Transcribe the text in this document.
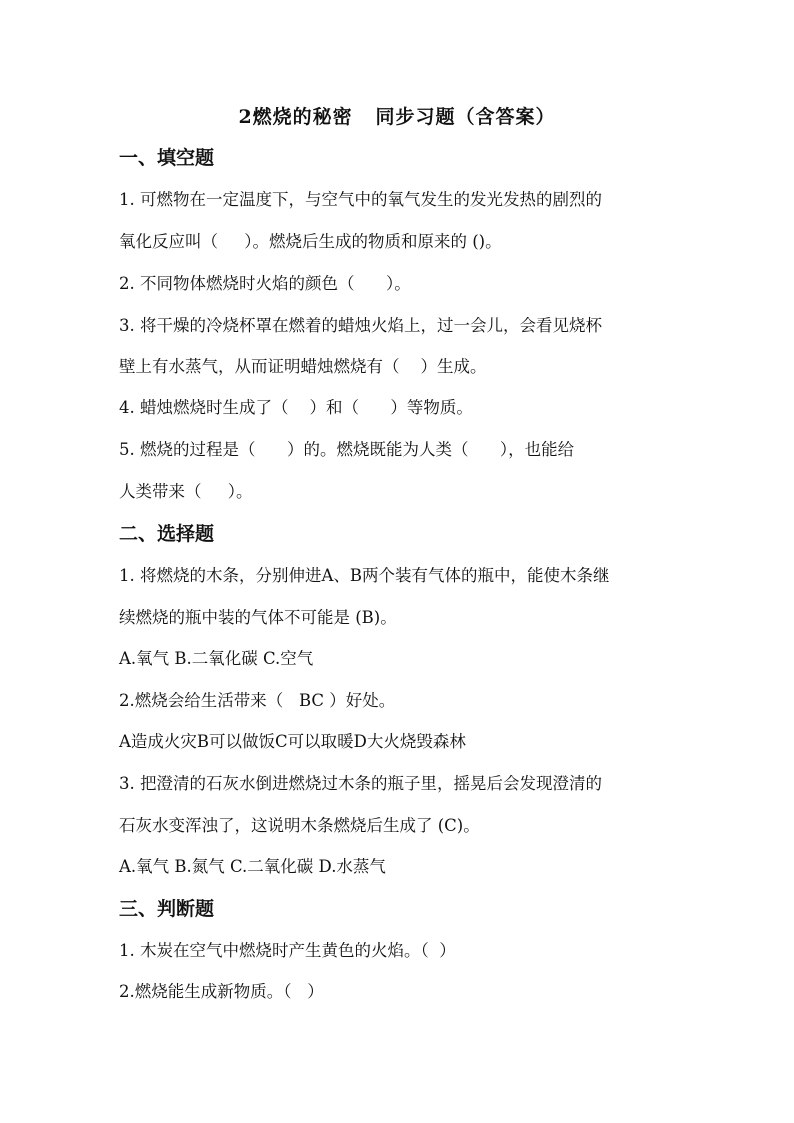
2燃烧的秘密   同步习题（含答案）
一、填空题
1. 可燃物在一定温度下，与空气中的氧气发生的发光发热的剧烈的
氧化反应叫（     ）。燃烧后生成的物质和原来的 ()。
2. 不同物体燃烧时火焰的颜色（      ）。
3. 将干燥的冷烧杯罩在燃着的蜡烛火焰上，过一会儿，会看见烧杯
壁上有水蒸气，从而证明蜡烛燃烧有（    ）生成。
4. 蜡烛燃烧时生成了（    ）和（      ）等物质。
5. 燃烧的过程是（      ）的。燃烧既能为人类（      ），也能给
人类带来（     ）。
二、选择题
1. 将燃烧的木条，分别伸进A、B两个装有气体的瓶中，能使木条继
续燃烧的瓶中装的气体不可能是 (B)。
A.氧气 B.二氧化碳 C.空气
2.燃烧会给生活带来（   BC ）好处。
A造成火灾B可以做饭C可以取暖D大火烧毁森林
3. 把澄清的石灰水倒进燃烧过木条的瓶子里，摇晃后会发现澄清的
石灰水变浑浊了，这说明木条燃烧后生成了 (C)。
A.氧气 B.氮气 C.二氧化碳 D.水蒸气
三、判断题
1. 木炭在空气中燃烧时产生黄色的火焰。（  ）
2.燃烧能生成新物质。（   ）
